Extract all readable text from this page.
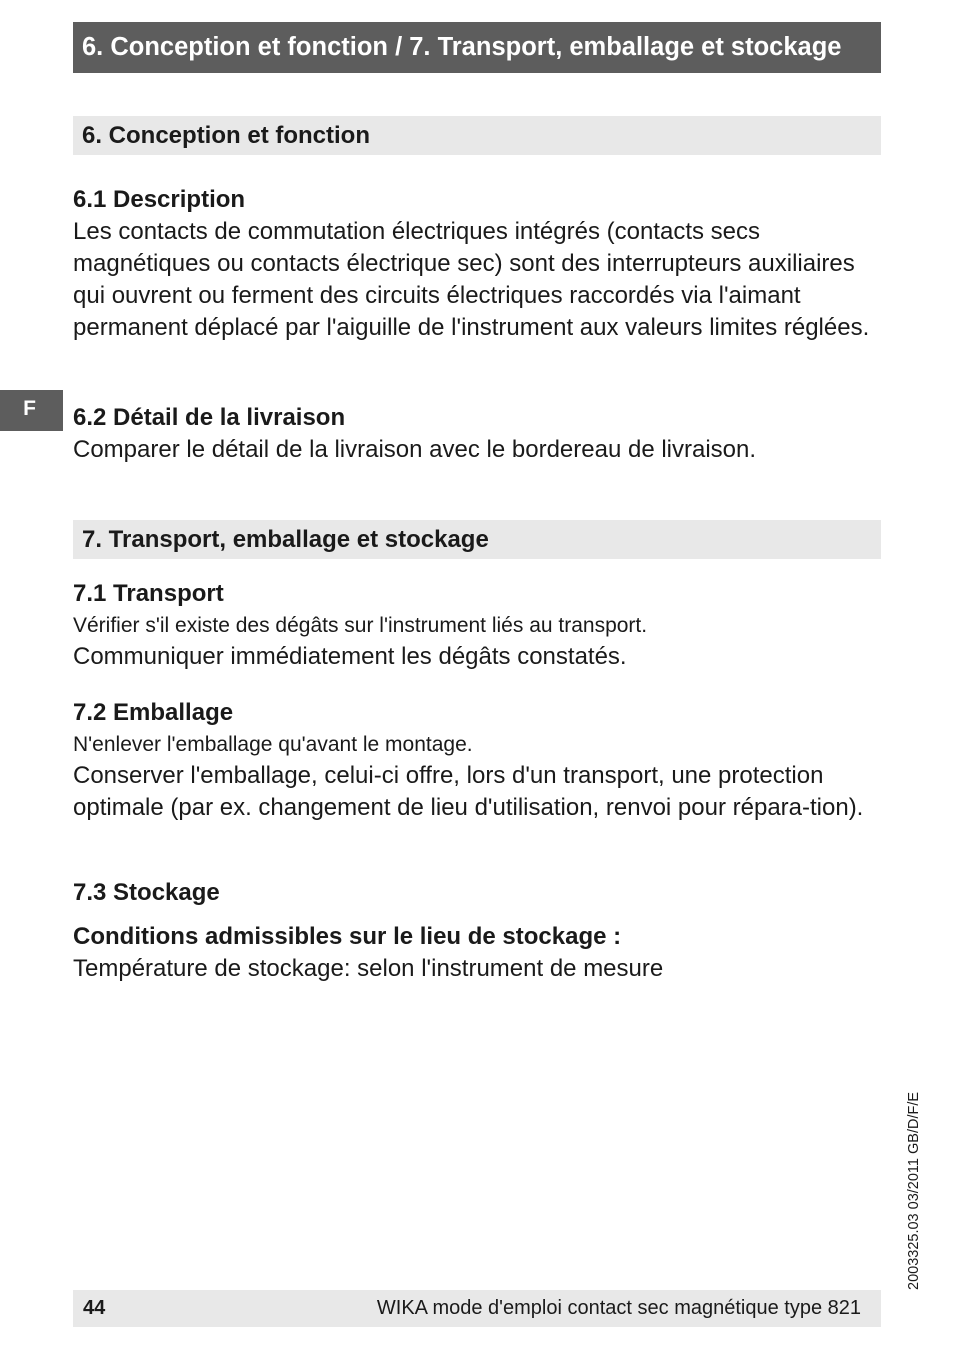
6. Conception et fonction / 7. Transport, emballage et stockage
6. Conception et fonction

6.1 Description

Les contacts de commutation électriques intégrés (contacts secs magnétiques ou contacts électrique sec) sont des interrupteurs auxiliaires qui ouvrent ou ferment des circuits électriques raccordés via l'aimant permanent déplacé par l'aiguille de l'instrument aux valeurs limites réglées.

F	6.2 Détail de la livraison

Comparer le détail de la livraison avec le bordereau de livraison.

7. Transport, emballage et stockage

7.1 Transport

Vérifier s'il existe des dégâts sur l'instrument liés au transport.

Communiquer immédiatement les dégâts constatés.

7.2 Emballage

N'enlever l'emballage qu'avant le montage.

Conserver l'emballage, celui-ci offre, lors d'un transport, une protection optimale (par ex. changement de lieu d'utilisation, renvoi pour répara-tion).

7.3 Stockage

Conditions admissibles sur le lieu de stockage :

Température de stockage: selon l'instrument de mesure

2003325.03 03/2011 GB/D/F/E
44	WIKA mode d'emploi contact sec magnétique type 821
